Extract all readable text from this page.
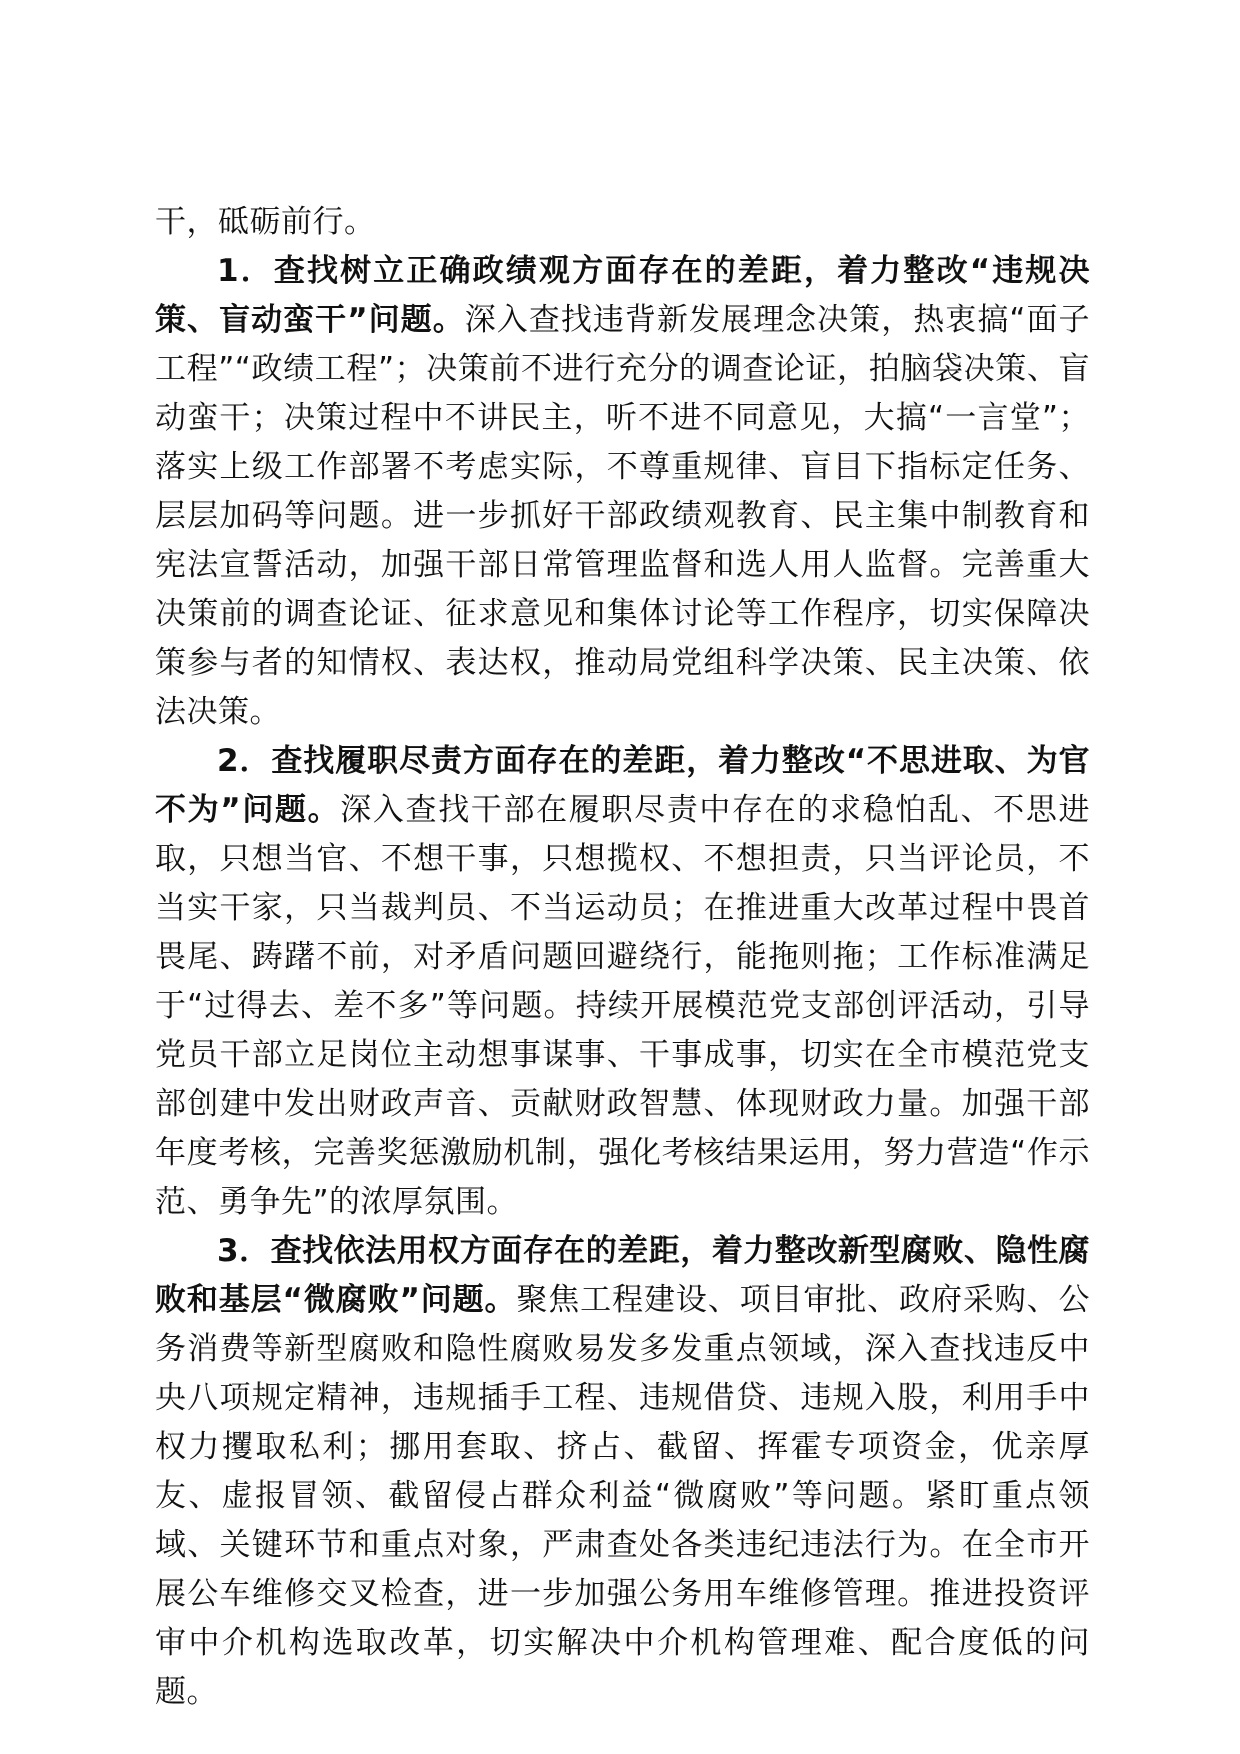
干，砥砺前行。

1．查找树立正确政绩观方面存在的差距，着力整改“违规决策、盲动蛮干”问题。深入查找违背新发展理念决策，热衷搞“面子工程”“政绩工程”；决策前不进行充分的调查论证，拍脑袋决策、盲动蛮干；决策过程中不讲民主，听不进不同意见，大搞“一言堂”；落实上级工作部署不考虑实际，不尊重规律、盲目下指标定任务、层层加码等问题。进一步抓好干部政绩观教育、民主集中制教育和宪法宣誓活动，加强干部日常管理监督和选人用人监督。完善重大决策前的调查论证、征求意见和集体讨论等工作程序，切实保障决策参与者的知情权、表达权，推动局党组科学决策、民主决策、依法决策。

2．查找履职尽责方面存在的差距，着力整改“不思进取、为官不为”问题。深入查找干部在履职尽责中存在的求稳怕乱、不思进取，只想当官、不想干事，只想揽权、不想担责，只当评论员，不当实干家，只当裁判员、不当运动员；在推进重大改革过程中畏首畏尾、踌躇不前，对矛盾问题回避绕行，能拖则拖；工作标准满足于“过得去、差不多”等问题。持续开展模范党支部创评活动，引导党员干部立足岗位主动想事谋事、干事成事，切实在全市模范党支部创建中发出财政声音、贡献财政智慧、体现财政力量。加强干部年度考核，完善奖惩激励机制，强化考核结果运用，努力营造“作示范、勇争先”的浓厚氛围。

3．查找依法用权方面存在的差距，着力整改新型腐败、隐性腐败和基层“微腐败”问题。聚焦工程建设、项目审批、政府采购、公务消费等新型腐败和隐性腐败易发多发重点领域，深入查找违反中央八项规定精神，违规插手工程、违规借贷、违规入股，利用手中权力攫取私利；挪用套取、挤占、截留、挥霍专项资金，优亲厚友、虚报冒领、截留侵占群众利益“微腐败”等问题。紧盯重点领域、关键环节和重点对象，严肃查处各类违纪违法行为。在全市开展公车维修交叉检查，进一步加强公务用车维修管理。推进投资评审中介机构选取改革，切实解决中介机构管理难、配合度低的问题。
